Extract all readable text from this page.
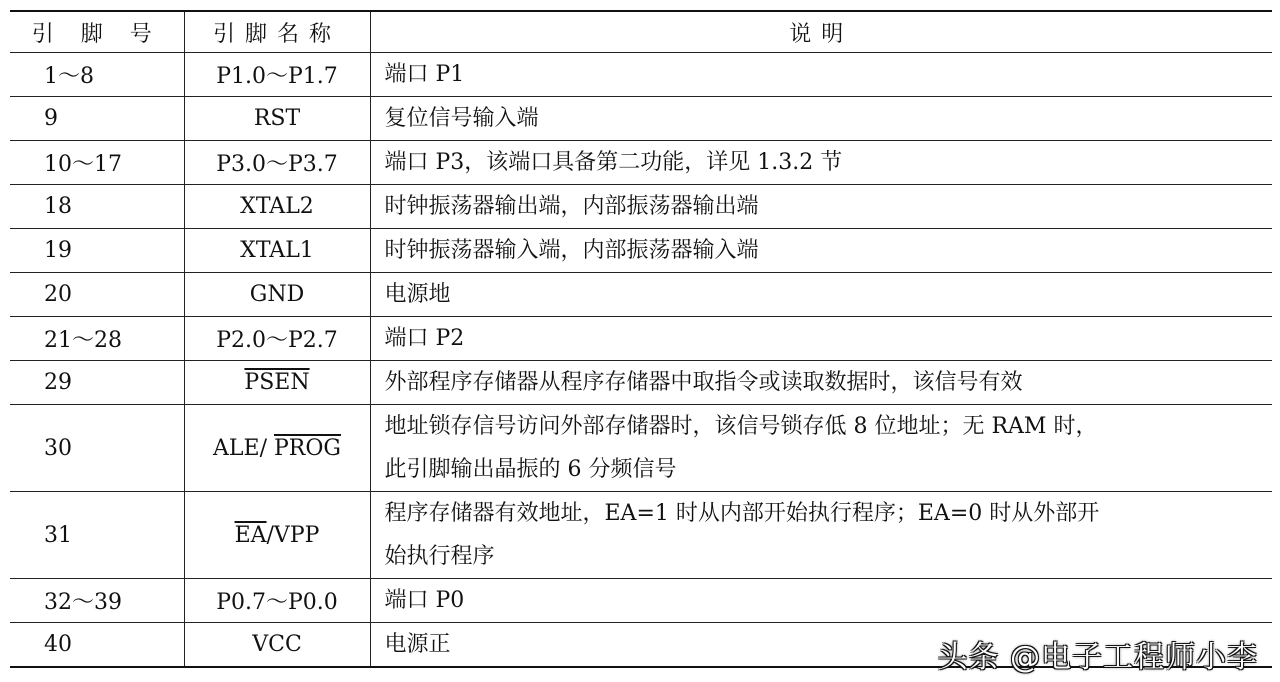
引 脚 号	引脚名称	说明
1～8	P1.0～P1.7	端口 P1
9	RST	复位信号输入端
10～17	P3.0～P3.7	端口 P3，该端口具备第二功能，详见 1.3.2 节
18	XTAL2	时钟振荡器输出端，内部振荡器输出端
19	XTAL1	时钟振荡器输入端，内部振荡器输入端
20	GND	电源地
21～28	P2.0～P2.7	端口 P2
29	PSEN	外部程序存储器从程序存储器中取指令或读取数据时，该信号有效
30	ALE/ PROG	地址锁存信号访问外部存储器时，该信号锁存低 8 位地址；无 RAM 时，
此引脚输出晶振的 6 分频信号

31	$\overline{EA}$/VPP	程序存储器有效地址，EA=1 时从内部开始执行程序；EA=0 时从外部开
始执行程序

32～39	P0.7～P0.0	端口 P0
40	VCC	电源正	头条 @电子工程师小李
